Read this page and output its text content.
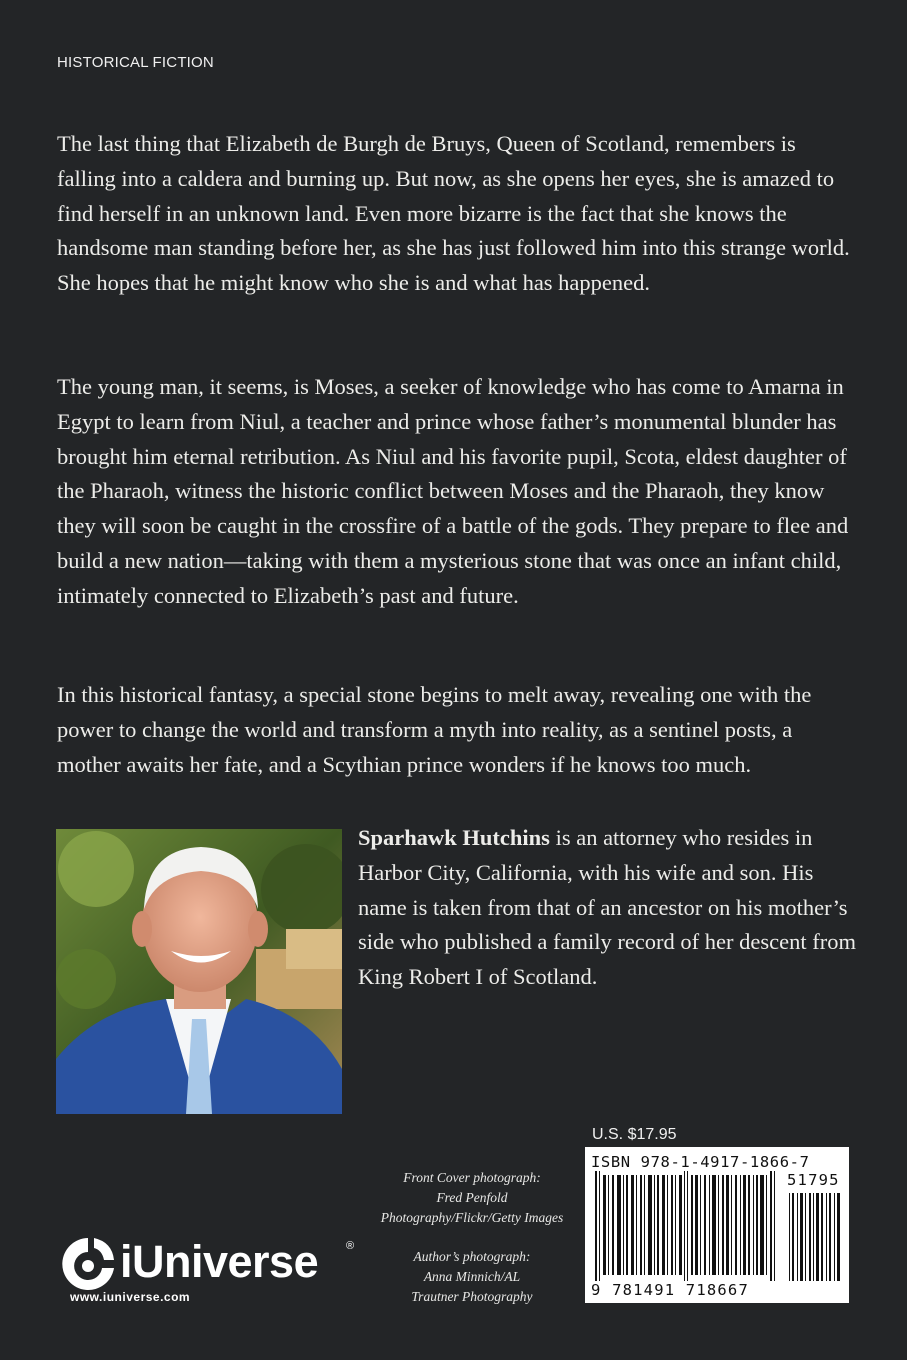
HISTORICAL FICTION

The last thing that Elizabeth de Burgh de Bruys, Queen of Scotland, remembers is falling into a caldera and burning up. But now, as she opens her eyes, she is amazed to find herself in an unknown land. Even more bizarre is the fact that she knows the handsome man standing before her, as she has just followed him into this strange world. She hopes that he might know who she is and what has happened.

The young man, it seems, is Moses, a seeker of knowledge who has come to Amarna in Egypt to learn from Niul, a teacher and prince whose father’s monumental blunder has brought him eternal retribution. As Niul and his favorite pupil, Scota, eldest daughter of the Pharaoh, witness the historic conflict between Moses and the Pharaoh, they know they will soon be caught in the crossfire of a battle of the gods. They prepare to flee and build a new nation—taking with them a mysterious stone that was once an infant child, intimately connected to Elizabeth’s past and future.

In this historical fantasy, a special stone begins to melt away, revealing one with the power to change the world and transform a myth into reality, as a sentinel posts, a mother awaits her fate, and a Scythian prince wonders if he knows too much.

Sparhawk Hutchins is an attorney who resides in Harbor City, California, with his wife and son. His name is taken from that of an ancestor on his mother’s side who published a family record of her descent from King Robert I of Scotland.

U.S. $17.95
ISBN 978-1-4917-1866-7
51795
9 781491 718667
Front Cover photograph:
Fred Penfold
Photography/Flickr/Getty Images
Author’s photograph:
Anna Minnich/AL
Trautner Photography
iUniverse	®
www.iuniverse.com
